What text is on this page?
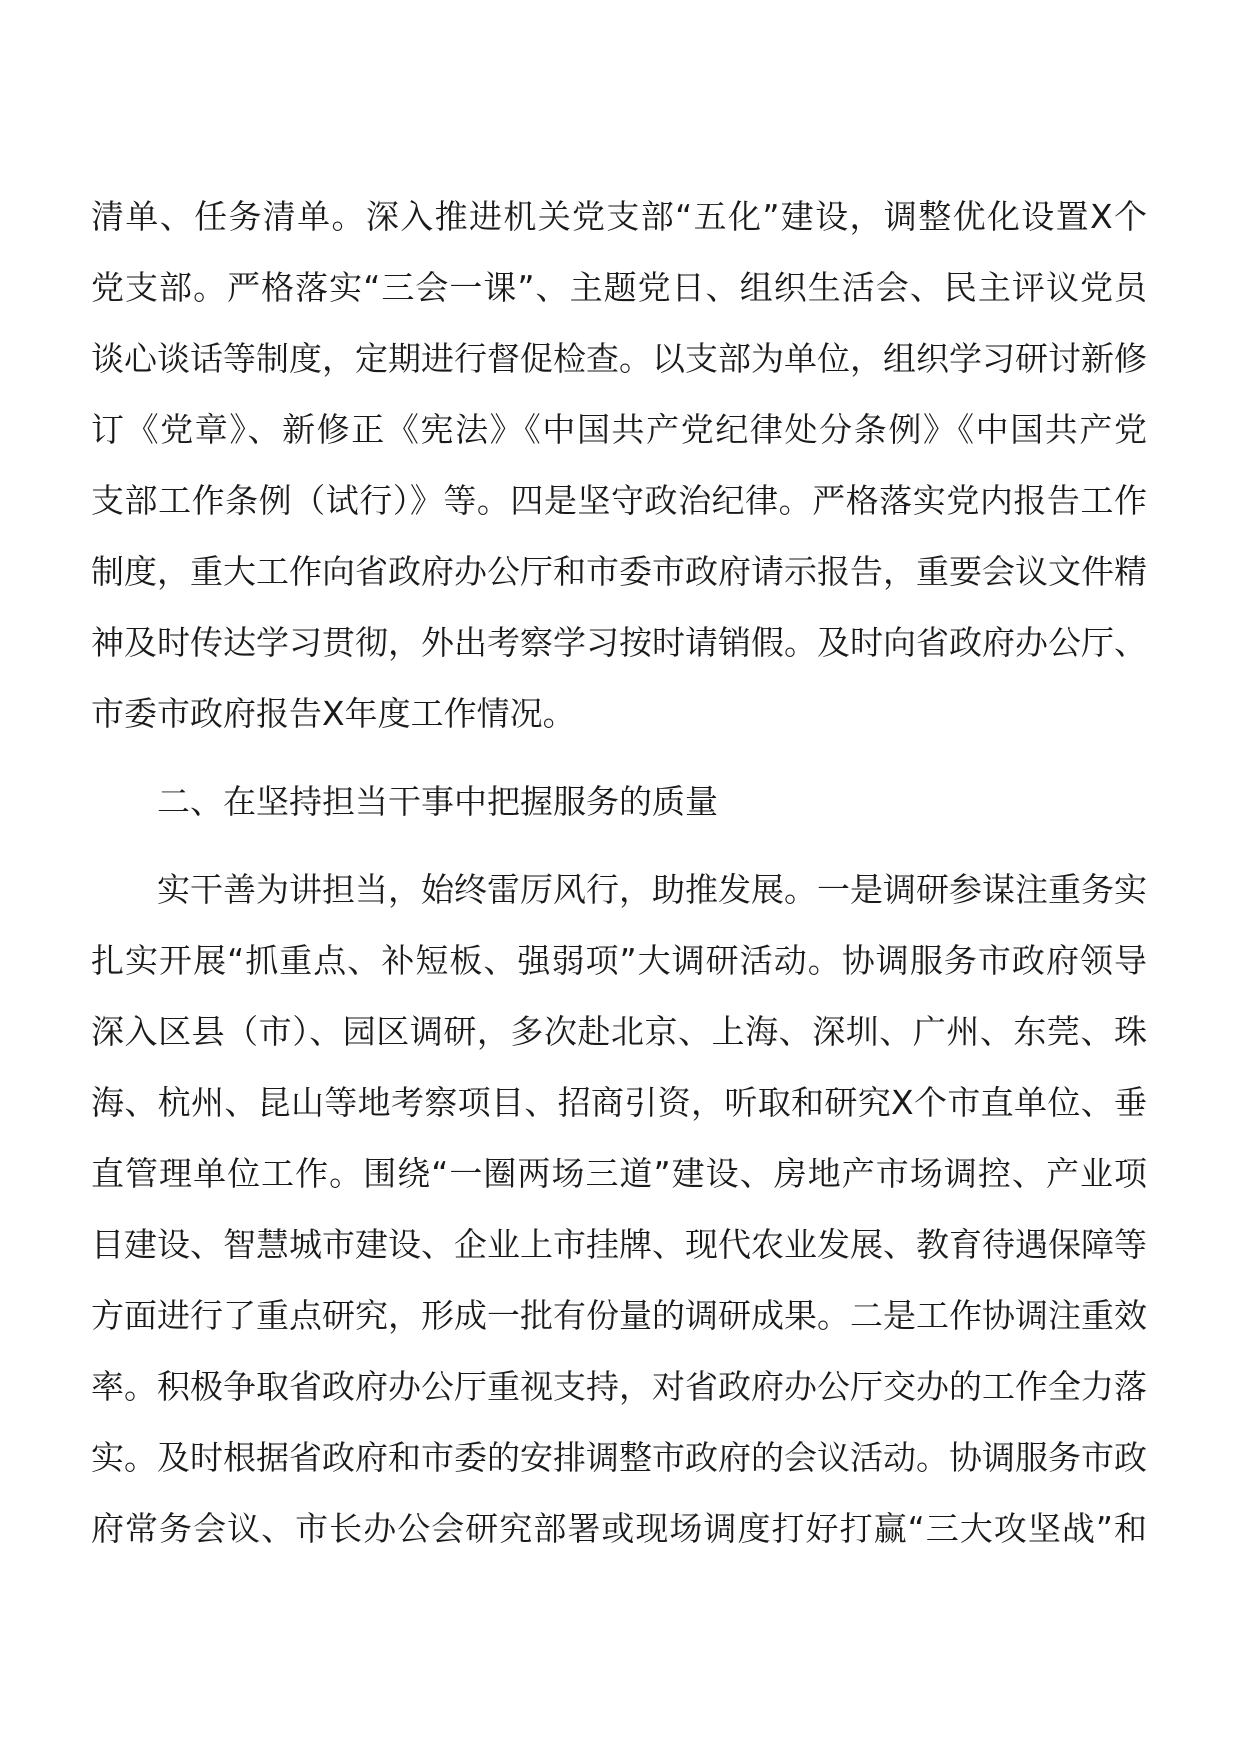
清单、任务清单。深入推进机关党支部“五化”建设，调整优化设置X个
党支部。严格落实“三会一课”、主题党日、组织生活会、民主评议党员
谈心谈话等制度，定期进行督促检查。以支部为单位，组织学习研讨新修
订《党章》、新修正《宪法》《中国共产党纪律处分条例》《中国共产党
支部工作条例（试行）》等。四是坚守政治纪律。严格落实党内报告工作
制度，重大工作向省政府办公厅和市委市政府请示报告，重要会议文件精
神及时传达学习贯彻，外出考察学习按时请销假。及时向省政府办公厅、
市委市政府报告X年度工作情况。
二、在坚持担当干事中把握服务的质量
实干善为讲担当，始终雷厉风行，助推发展。一是调研参谋注重务实
扎实开展“抓重点、补短板、强弱项”大调研活动。协调服务市政府领导
深入区县（市）、园区调研，多次赴北京、上海、深圳、广州、东莞、珠
海、杭州、昆山等地考察项目、招商引资，听取和研究X个市直单位、垂
直管理单位工作。围绕“一圈两场三道”建设、房地产市场调控、产业项
目建设、智慧城市建设、企业上市挂牌、现代农业发展、教育待遇保障等
方面进行了重点研究，形成一批有份量的调研成果。二是工作协调注重效
率。积极争取省政府办公厅重视支持，对省政府办公厅交办的工作全力落
实。及时根据省政府和市委的安排调整市政府的会议活动。协调服务市政
府常务会议、市长办公会研究部署或现场调度打好打赢“三大攻坚战”和
